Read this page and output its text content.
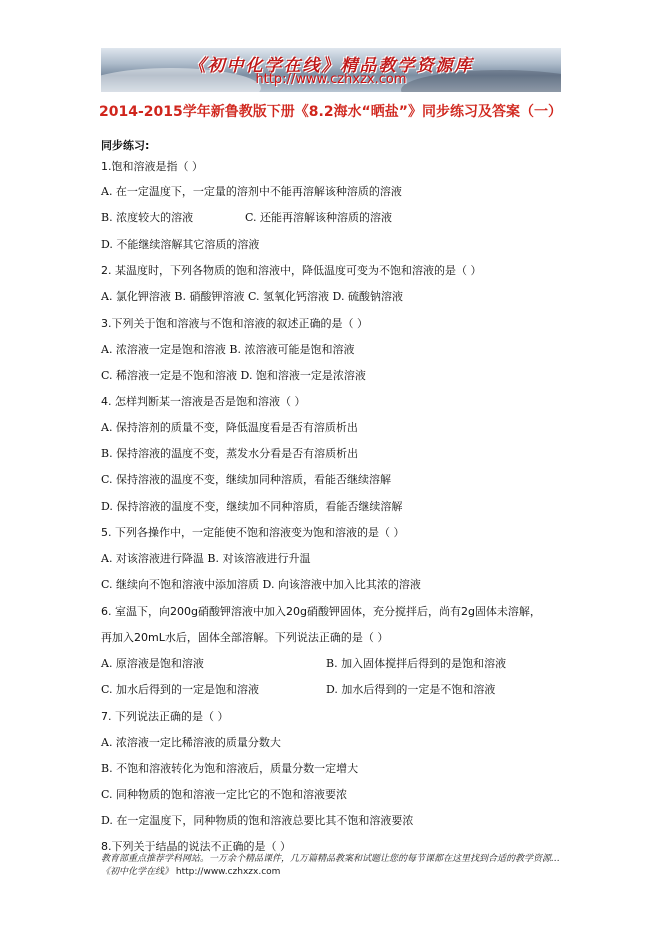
《初中化学在线》精品教学资源库
http://www.czhxzx.com
2014-2015学年新鲁教版下册《8.2海水“晒盐”》同步练习及答案（一）
同步练习:
1.饱和溶液是指（ ）
A. 在一定温度下，一定量的溶剂中不能再溶解该种溶质的溶液
B. 浓度较大的溶液	C. 还能再溶解该种溶质的溶液
D. 不能继续溶解其它溶质的溶液
2. 某温度时，下列各物质的饱和溶液中，降低温度可变为不饱和溶液的是（ ）
A. 氯化钾溶液 B. 硝酸钾溶液 C. 氢氧化钙溶液 D. 硫酸钠溶液
3.下列关于饱和溶液与不饱和溶液的叙述正确的是（ ）
A. 浓溶液一定是饱和溶液 B. 浓溶液可能是饱和溶液
C. 稀溶液一定是不饱和溶液 D. 饱和溶液一定是浓溶液
4. 怎样判断某一溶液是否是饱和溶液（ ）
A. 保持溶剂的质量不变，降低温度看是否有溶质析出
B. 保持溶液的温度不变，蒸发水分看是否有溶质析出
C. 保持溶液的温度不变，继续加同种溶质，看能否继续溶解
D. 保持溶液的温度不变，继续加不同种溶质，看能否继续溶解
5. 下列各操作中，一定能使不饱和溶液变为饱和溶液的是（ ）
A. 对该溶液进行降温 B. 对该溶液进行升温
C. 继续向不饱和溶液中添加溶质 D. 向该溶液中加入比其浓的溶液
6. 室温下，向200g硝酸钾溶液中加入20g硝酸钾固体，充分搅拌后，尚有2g固体未溶解，
再加入20mL水后，固体全部溶解。下列说法正确的是（ ）
A. 原溶液是饱和溶液	B. 加入固体搅拌后得到的是饱和溶液
C. 加水后得到的一定是饱和溶液	D. 加水后得到的一定是不饱和溶液
7. 下列说法正确的是（ ）
A. 浓溶液一定比稀溶液的质量分数大
B. 不饱和溶液转化为饱和溶液后，质量分数一定增大
C. 同种物质的饱和溶液一定比它的不饱和溶液要浓
D. 在一定温度下，同种物质的饱和溶液总要比其不饱和溶液要浓
8.下列关于结晶的说法不正确的是（ ）
教育部重点推荐学科网站。一万余个精品课件，几万篇精品教案和试题让您的每节课都在这里找到合适的教学资源…《初中化学在线》 http://www.czhxzx.com
